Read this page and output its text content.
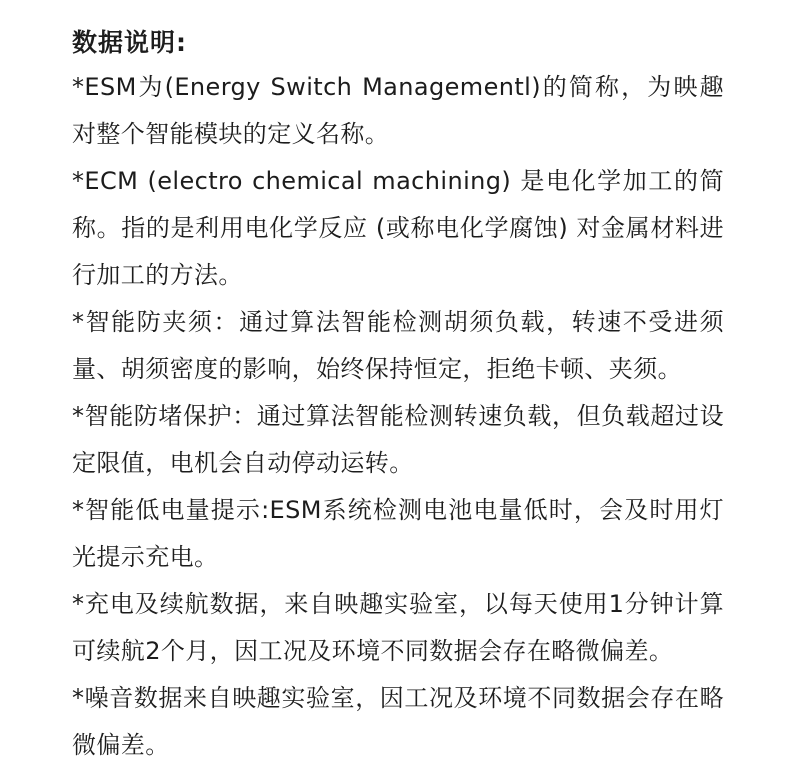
数据说明:
*ESM为(Energy Switch Managementl)的简称，为映趣对整个智能模块的定义名称。
*ECM (electro chemical machining) 是电化学加工的简称。指的是利用电化学反应 (或称电化学腐蚀) 对金属材料进行加工的方法。
*智能防夹须：通过算法智能检测胡须负载，转速不受进须量、胡须密度的影响，始终保持恒定，拒绝卡顿、夹须。
*智能防堵保护：通过算法智能检测转速负载，但负载超过设定限值，电机会自动停动运转。
*智能低电量提示:ESM系统检测电池电量低时，会及时用灯光提示充电。
*充电及续航数据，来自映趣实验室，以每天使用1分钟计算可续航2个月，因工况及环境不同数据会存在略微偏差。
*噪音数据来自映趣实验室，因工况及环境不同数据会存在略微偏差。
